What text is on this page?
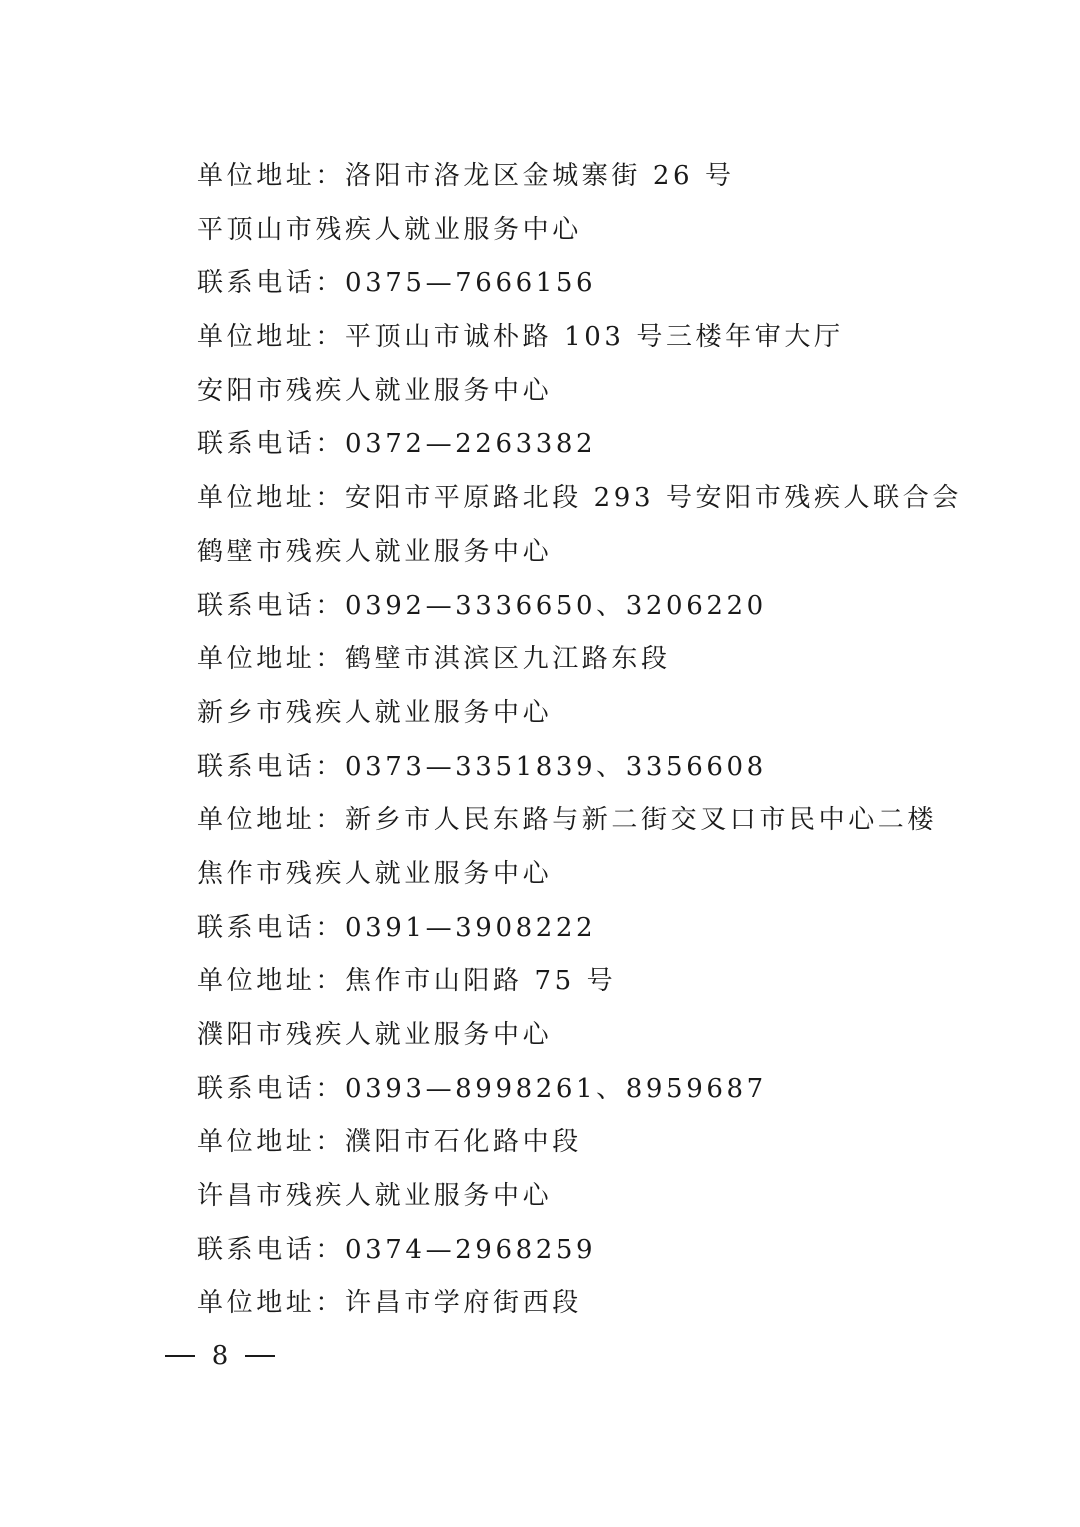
单位地址：洛阳市洛龙区金城寨街 26 号
平顶山市残疾人就业服务中心
联系电话：0375—7666156
单位地址：平顶山市诚朴路 103 号三楼年审大厅
安阳市残疾人就业服务中心
联系电话：0372—2263382
单位地址：安阳市平原路北段 293 号安阳市残疾人联合会
鹤壁市残疾人就业服务中心
联系电话：0392—3336650、3206220
单位地址：鹤壁市淇滨区九江路东段
新乡市残疾人就业服务中心
联系电话：0373—3351839、3356608
单位地址：新乡市人民东路与新二街交叉口市民中心二楼
焦作市残疾人就业服务中心
联系电话：0391—3908222
单位地址：焦作市山阳路 75 号
濮阳市残疾人就业服务中心
联系电话：0393—8998261、8959687
单位地址：濮阳市石化路中段
许昌市残疾人就业服务中心
联系电话：0374—2968259
单位地址：许昌市学府街西段
8
